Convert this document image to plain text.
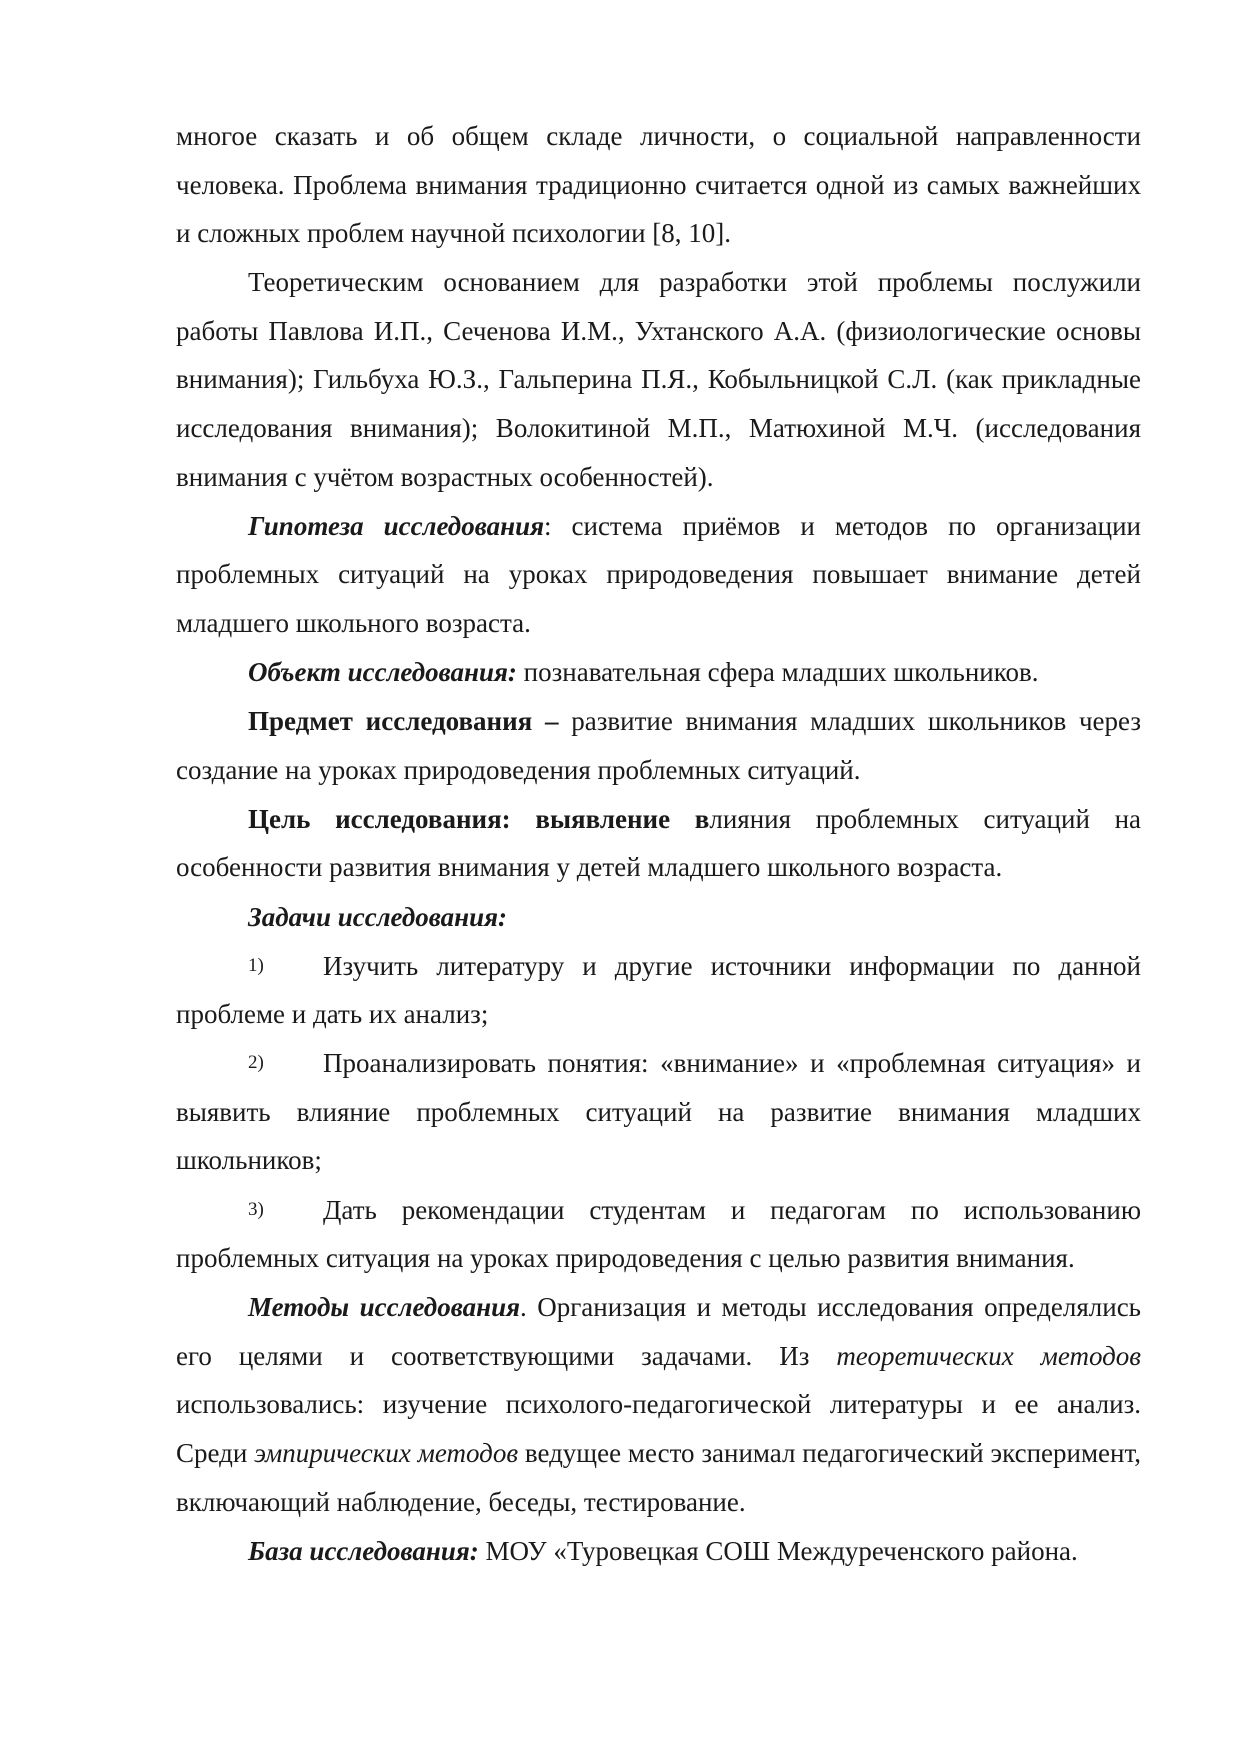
многое сказать и об общем складе личности, о социальной направленности человека. Проблема внимания традиционно считается одной из самых важнейших и сложных проблем научной психологии [8, 10].

Теоретическим основанием для разработки этой проблемы послужили работы Павлова И.П., Сеченова И.М., Ухтанского А.А. (физиологические основы внимания); Гильбуха Ю.З., Гальперина П.Я., Кобыльницкой С.Л. (как прикладные исследования внимания); Волокитиной М.П., Матюхиной М.Ч. (исследования внимания с учётом возрастных особенностей).

Гипотеза исследования: система приёмов и методов по организации проблемных ситуаций на уроках природоведения повышает внимание детей младшего школьного возраста.

Объект исследования: познавательная сфера младших школьников.

Предмет исследования – развитие внимания младших школьников через создание на уроках природоведения проблемных ситуаций.

Цель исследования: выявление влияния проблемных ситуаций на особенности развития внимания у детей младшего школьного возраста.

Задачи исследования:

1) Изучить литературу и другие источники информации по данной проблеме и дать их анализ;

2) Проанализировать понятия: «внимание» и «проблемная ситуация» и выявить влияние проблемных ситуаций на развитие внимания младших школьников;

3) Дать рекомендации студентам и педагогам по использованию проблемных ситуация на уроках природоведения с целью развития внимания.

Методы исследования. Организация и методы исследования определялись его целями и соответствующими задачами. Из теоретических методов использовались: изучение психолого-педагогической литературы и ее анализ. Среди эмпирических методов ведущее место занимал педагогический эксперимент, включающий наблюдение, беседы, тестирование.

База исследования: МОУ «Туровецкая СОШ Междуреченского района.
